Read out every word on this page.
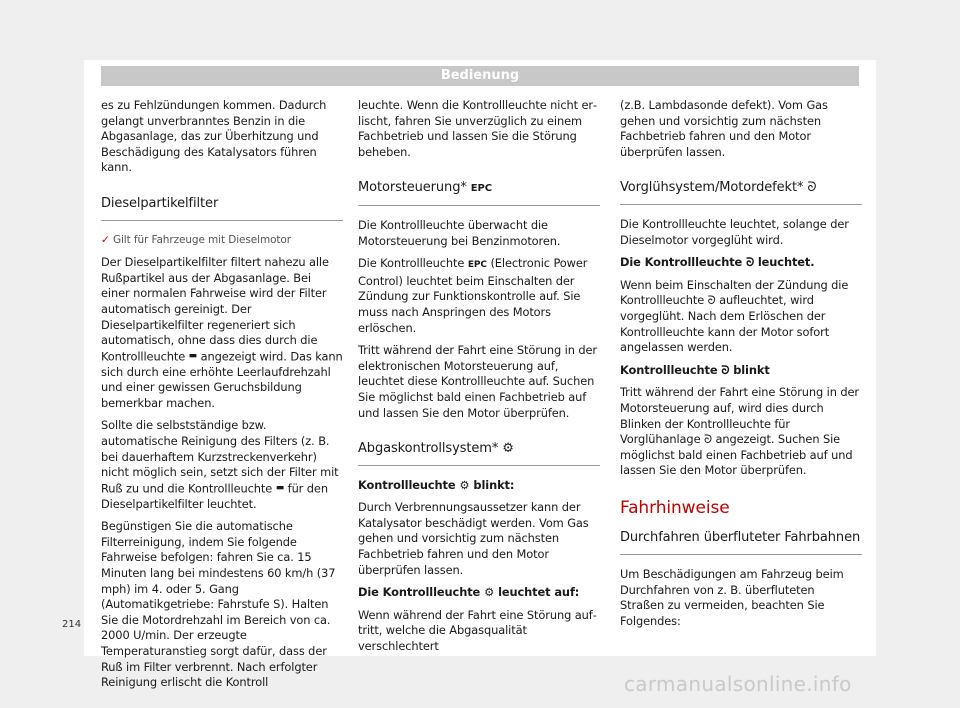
Bedienung

es zu Fehlzündungen kommen. Dadurch gelangt unverbranntes Benzin in die Abgasanlage, das zur Überhitzung und Beschädigung des Katalysators führen kann.

Dieselpartikelfilter

✓ Gilt für Fahrzeuge mit Dieselmotor

Der Dieselpartikelfilter filtert nahezu alle Rußpartikel aus der Abgasanlage. Bei einer normalen Fahrweise wird der Filter automatisch gereinigt. Der Dieselpartikelfilter regeneriert sich automatisch, ohne dass dies durch die Kontrollleuchte ▬ angezeigt wird. Das kann sich durch eine erhöhte Leerlaufdrehzahl und einer gewissen Geruchsbildung bemerkbar machen.

Sollte die selbstständige bzw. automatische Reinigung des Filters (z. B. bei dauerhaftem Kurzstreckenverkehr) nicht möglich sein, setzt sich der Filter mit Ruß zu und die Kontrollleuchte ▬ für den Dieselpartikelfilter leuchtet.

Begünstigen Sie die automatische Filterreinigung, indem Sie folgende Fahrweise befolgen: fahren Sie ca. 15 Minuten lang bei mindestens 60 km/h (37 mph) im 4. oder 5. Gang (Automatikgetriebe: Fahrstufe S). Halten Sie die Motordrehzahl im Bereich von ca. 2000 U/min. Der erzeugte Temperaturanstieg sorgt dafür, dass der Ruß im Filter verbrennt. Nach erfolgter Reinigung erlischt die Kontroll

leuchte. Wenn die Kontrollleuchte nicht erlischt, fahren Sie unverzüglich zu einem Fachbetrieb und lassen Sie die Störung beheben.

Motorsteuerung* EPC

Die Kontrollleuchte überwacht die Motorsteuerung bei Benzinmotoren.

Die Kontrollleuchte EPC (Electronic Power Control) leuchtet beim Einschalten der Zündung zur Funktionskontrolle auf. Sie muss nach Anspringen des Motors erlöschen.

Tritt während der Fahrt eine Störung in der elektronischen Motorsteuerung auf, leuchtet diese Kontrollleuchte auf. Suchen Sie möglichst bald einen Fachbetrieb auf und lassen Sie den Motor überprüfen.

Abgaskontrollsystem* ⚙

Kontrollleuchte ⚙ blinkt:

Durch Verbrennungsaussetzer kann der Katalysator beschädigt werden. Vom Gas gehen und vorsichtig zum nächsten Fachbetrieb fahren und den Motor überprüfen lassen.

Die Kontrollleuchte ⚙ leuchtet auf:

Wenn während der Fahrt eine Störung auftritt, welche die Abgasqualität verschlechtert

(z.B. Lambdasonde defekt). Vom Gas gehen und vorsichtig zum nächsten Fachbetrieb fahren und den Motor überprüfen lassen.

Vorglühsystem/Motordefekt* ᘐ

Die Kontrollleuchte leuchtet, solange der Dieselmotor vorgeglüht wird.

Die Kontrollleuchte ᘐ leuchtet.

Wenn beim Einschalten der Zündung die Kontrollleuchte ᘐ aufleuchtet, wird vorgeglüht. Nach dem Erlöschen der Kontrollleuchte kann der Motor sofort angelassen werden.

Kontrollleuchte ᘐ blinkt

Tritt während der Fahrt eine Störung in der Motorsteuerung auf, wird dies durch Blinken der Kontrollleuchte für Vorglühanlage ᘐ angezeigt. Suchen Sie möglichst bald einen Fachbetrieb auf und lassen Sie den Motor überprüfen.

Fahrhinweise
Durchfahren überfluteter Fahrbahnen

Um Beschädigungen am Fahrzeug beim Durchfahren von z. B. überfluteten Straßen zu vermeiden, beachten Sie Folgendes:

214
carmanualsonline.info
